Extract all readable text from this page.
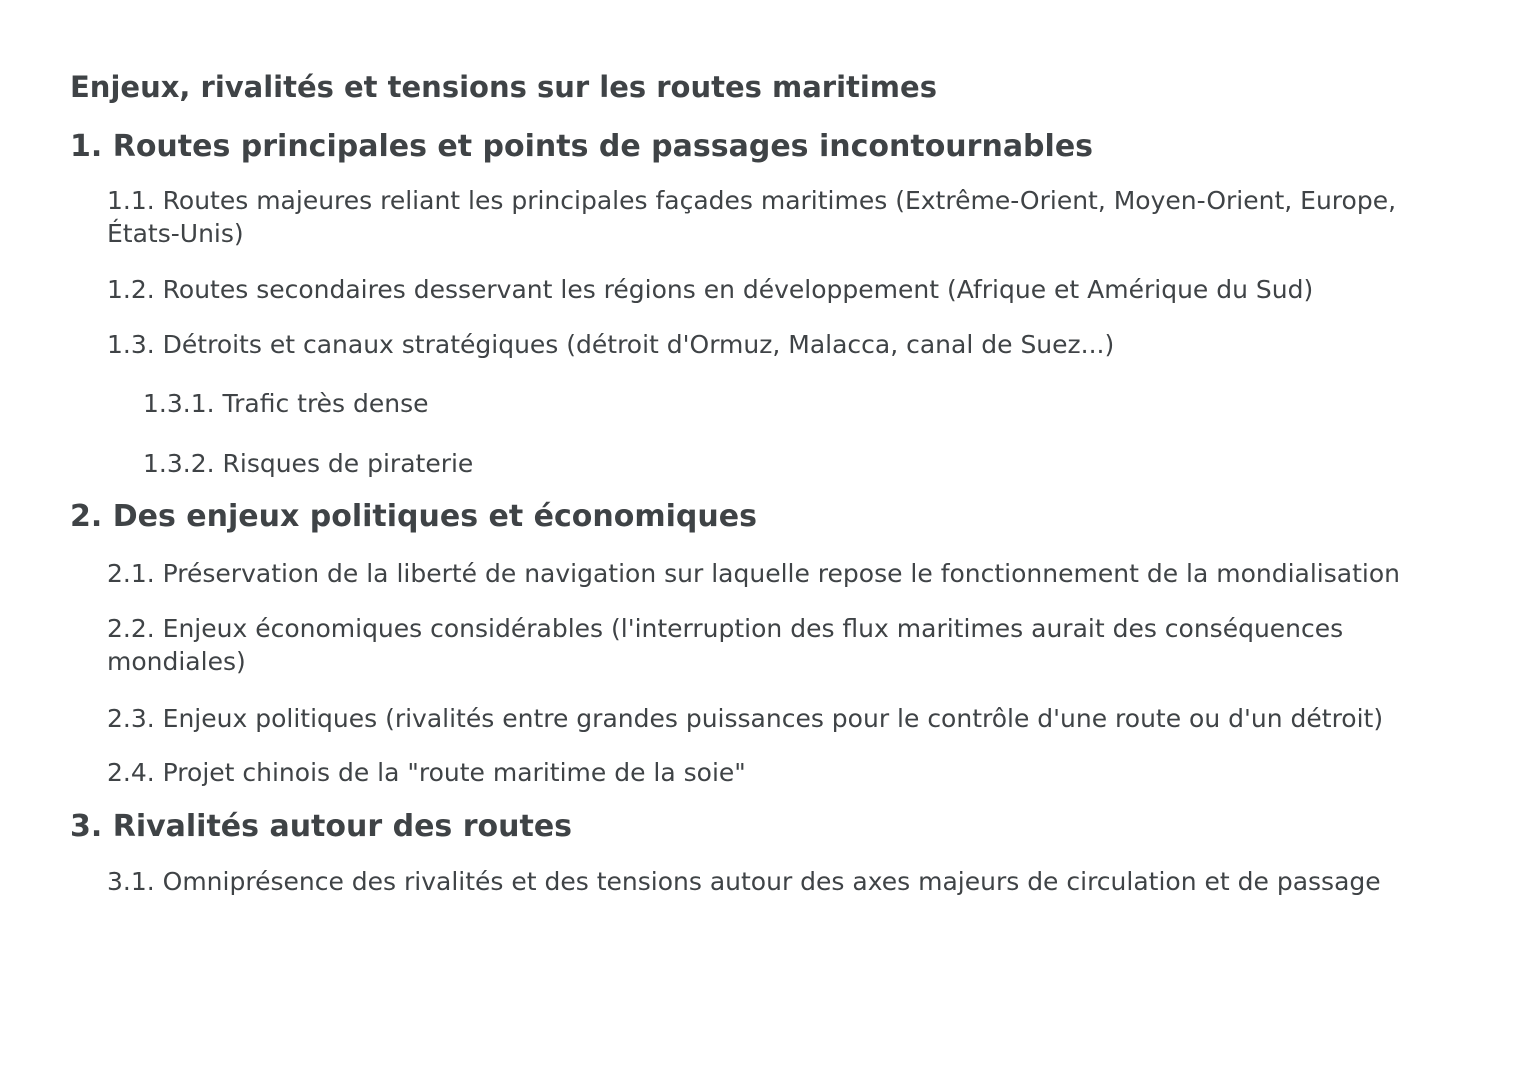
Enjeux, rivalités et tensions sur les routes maritimes
1. Routes principales et points de passages incontournables

1.1. Routes majeures reliant les principales façades maritimes (Extrême-Orient, Moyen-Orient, Europe, États-Unis)

1.2. Routes secondaires desservant les régions en développement (Afrique et Amérique du Sud)

1.3. Détroits et canaux stratégiques (détroit d'Ormuz, Malacca, canal de Suez...)

1.3.1. Trafic très dense

1.3.2. Risques de piraterie

2. Des enjeux politiques et économiques

2.1. Préservation de la liberté de navigation sur laquelle repose le fonctionnement de la mondialisation

2.2. Enjeux économiques considérables (l'interruption des flux maritimes aurait des conséquences mondiales)

2.3. Enjeux politiques (rivalités entre grandes puissances pour le contrôle d'une route ou d'un détroit)

2.4. Projet chinois de la "route maritime de la soie"

3. Rivalités autour des routes

3.1. Omniprésence des rivalités et des tensions autour des axes majeurs de circulation et de passage
